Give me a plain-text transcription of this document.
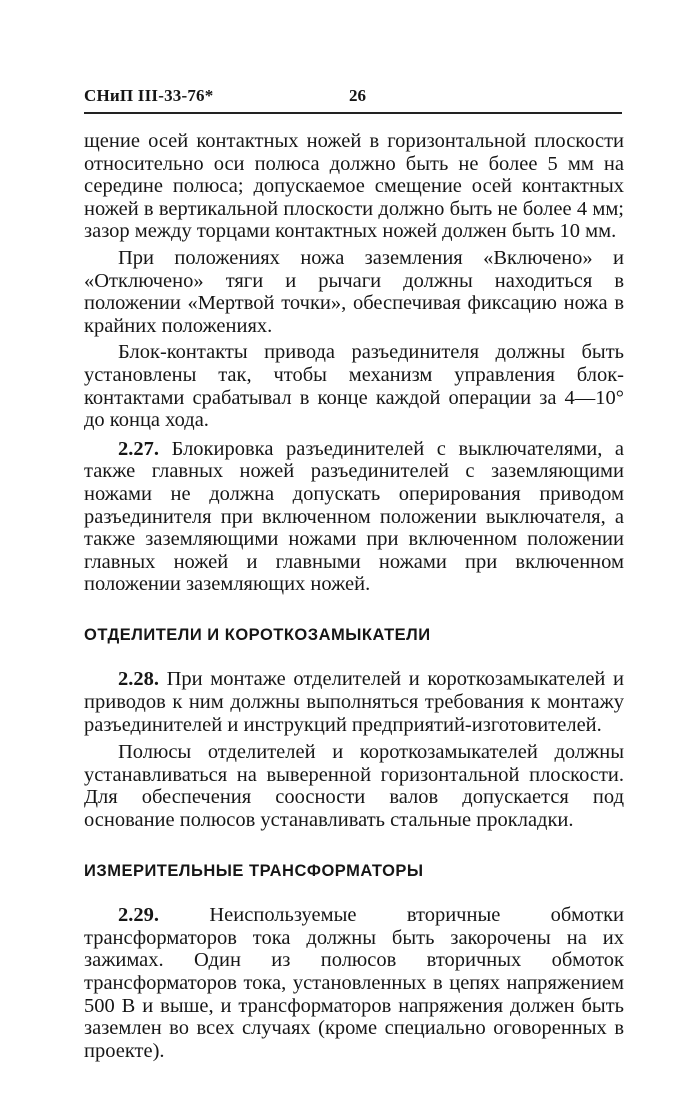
СНиП III-33-76*	26

щение осей контактных ножей в горизонтальной плоскости относительно оси полюса должно быть не более 5 мм на середине полюса; допускаемое смещение осей контактных ножей в вертикальной плоскости должно быть не более 4 мм; зазор между торцами контактных ножей должен быть 10 мм.

При положениях ножа заземления «Включено» и «Отключено» тяги и рычаги должны находиться в положении «Мертвой точки», обеспечивая фиксацию ножа в крайних положениях.

Блок-контакты привода разъединителя должны быть установлены так, чтобы механизм управления блок-контактами срабатывал в конце каждой операции за 4—10° до конца хода.

2.27. Блокировка разъединителей с выключателями, а также главных ножей разъединителей с заземляющими ножами не должна допускать оперирования приводом разъединителя при включенном положении выключателя, а также заземляющими ножами при включенном положении главных ножей и главными ножами при включенном положении заземляющих ножей.

ОТДЕЛИТЕЛИ И КОРОТКОЗАМЫКАТЕЛИ

2.28. При монтаже отделителей и короткозамыкателей и приводов к ним должны выполняться требования к монтажу разъединителей и инструкций предприятий-изготовителей.

Полюсы отделителей и короткозамыкателей должны устанавливаться на выверенной горизонтальной плоскости. Для обеспечения соосности валов допускается под основание полюсов устанавливать стальные прокладки.

ИЗМЕРИТЕЛЬНЫЕ ТРАНСФОРМАТОРЫ

2.29. Неиспользуемые вторичные обмотки трансформаторов тока должны быть закорочены на их зажимах. Один из полюсов вторичных обмоток трансформаторов тока, установленных в цепях напряжением 500 В и выше, и трансформаторов напряжения должен быть заземлен во всех случаях (кроме специально оговоренных в проекте).
